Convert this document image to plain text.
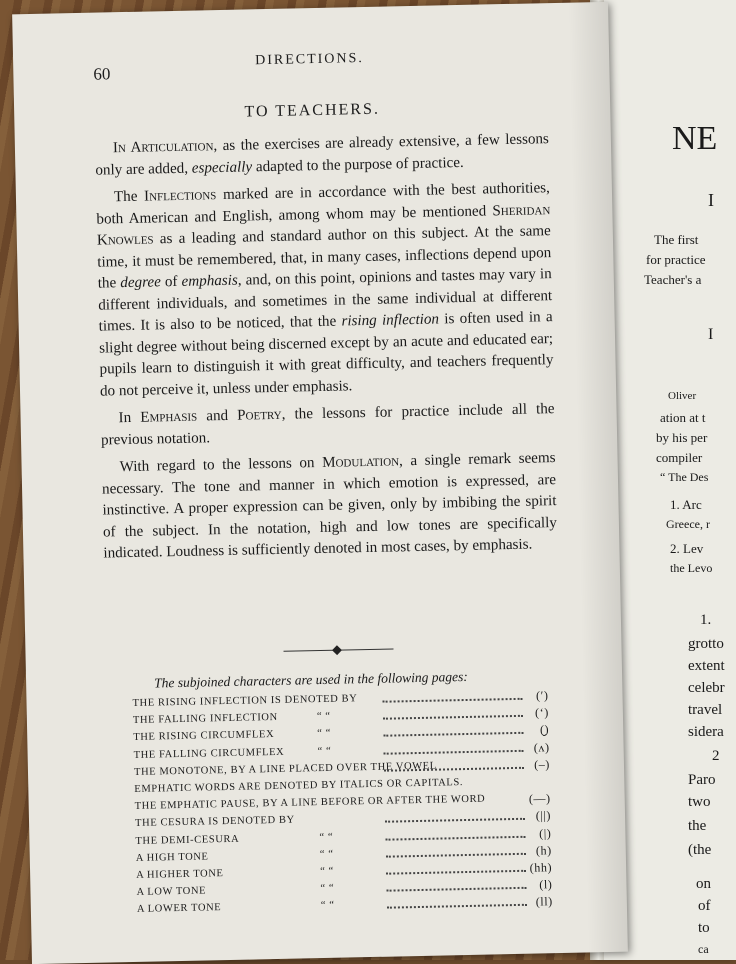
NE
I
The first
for practice
Teacher's a
I
Oliver
ation at t
by his per
compiler
“ The Des
1. Arc
Greece, r
2. Lev
the Levo
1.
grotto
extent
celebr
travel
sidera
2
Paro
two
the
(the
on
of
to
ca
60
DIRECTIONS.
TO TEACHERS.

In Articulation, as the exercises are already extensive, a few lessons only are added, especially adapted to the purpose of practice.

The Inflections marked are in accordance with the best authorities, both American and English, among whom may be mentioned Sheridan Knowles as a leading and standard author on this subject. At the same time, it must be remembered, that, in many cases, inflections depend upon the degree of emphasis, and, on this point, opinions and tastes may vary in different individuals, and sometimes in the same individual at different times. It is also to be noticed, that the rising inflection is often used in a slight degree without being discerned except by an acute and educated ear; pupils learn to distinguish it with great difficulty, and teachers frequently do not perceive it, unless under emphasis.

In Emphasis and Poetry, the lessons for practice include all the previous notation.

With regard to the lessons on Modulation, a single remark seems necessary. The tone and manner in which emotion is expressed, are instinctive. A proper expression can be given, only by imbibing the spirit of the subject. In the notation, high and low tones are specifically indicated. Loudness is sufficiently denoted in most cases, by emphasis.

The subjoined characters are used in the following pages:
THE RISING INFLECTION IS DENOTED BY	(ʹ)
THE FALLING INFLECTION	“ “	(ʻ)
THE RISING CIRCUMFLEX	“ “	(̬)
THE FALLING CIRCUMFLEX	“ “	(ʌ)
THE MONOTONE, BY A LINE PLACED OVER THE VOWEL	(–)
EMPHATIC WORDS ARE DENOTED BY ITALICS OR CAPITALS.
THE EMPHATIC PAUSE, BY A LINE BEFORE OR AFTER THE WORD	(—)
THE CESURA IS DENOTED BY	(||)
THE DEMI-CESURA	“ “	(|)
A HIGH TONE	“ “	(h)
A HIGHER TONE	“ “	(hh)
A LOW TONE	“ “	(l)
A LOWER TONE	“ “	(ll)
